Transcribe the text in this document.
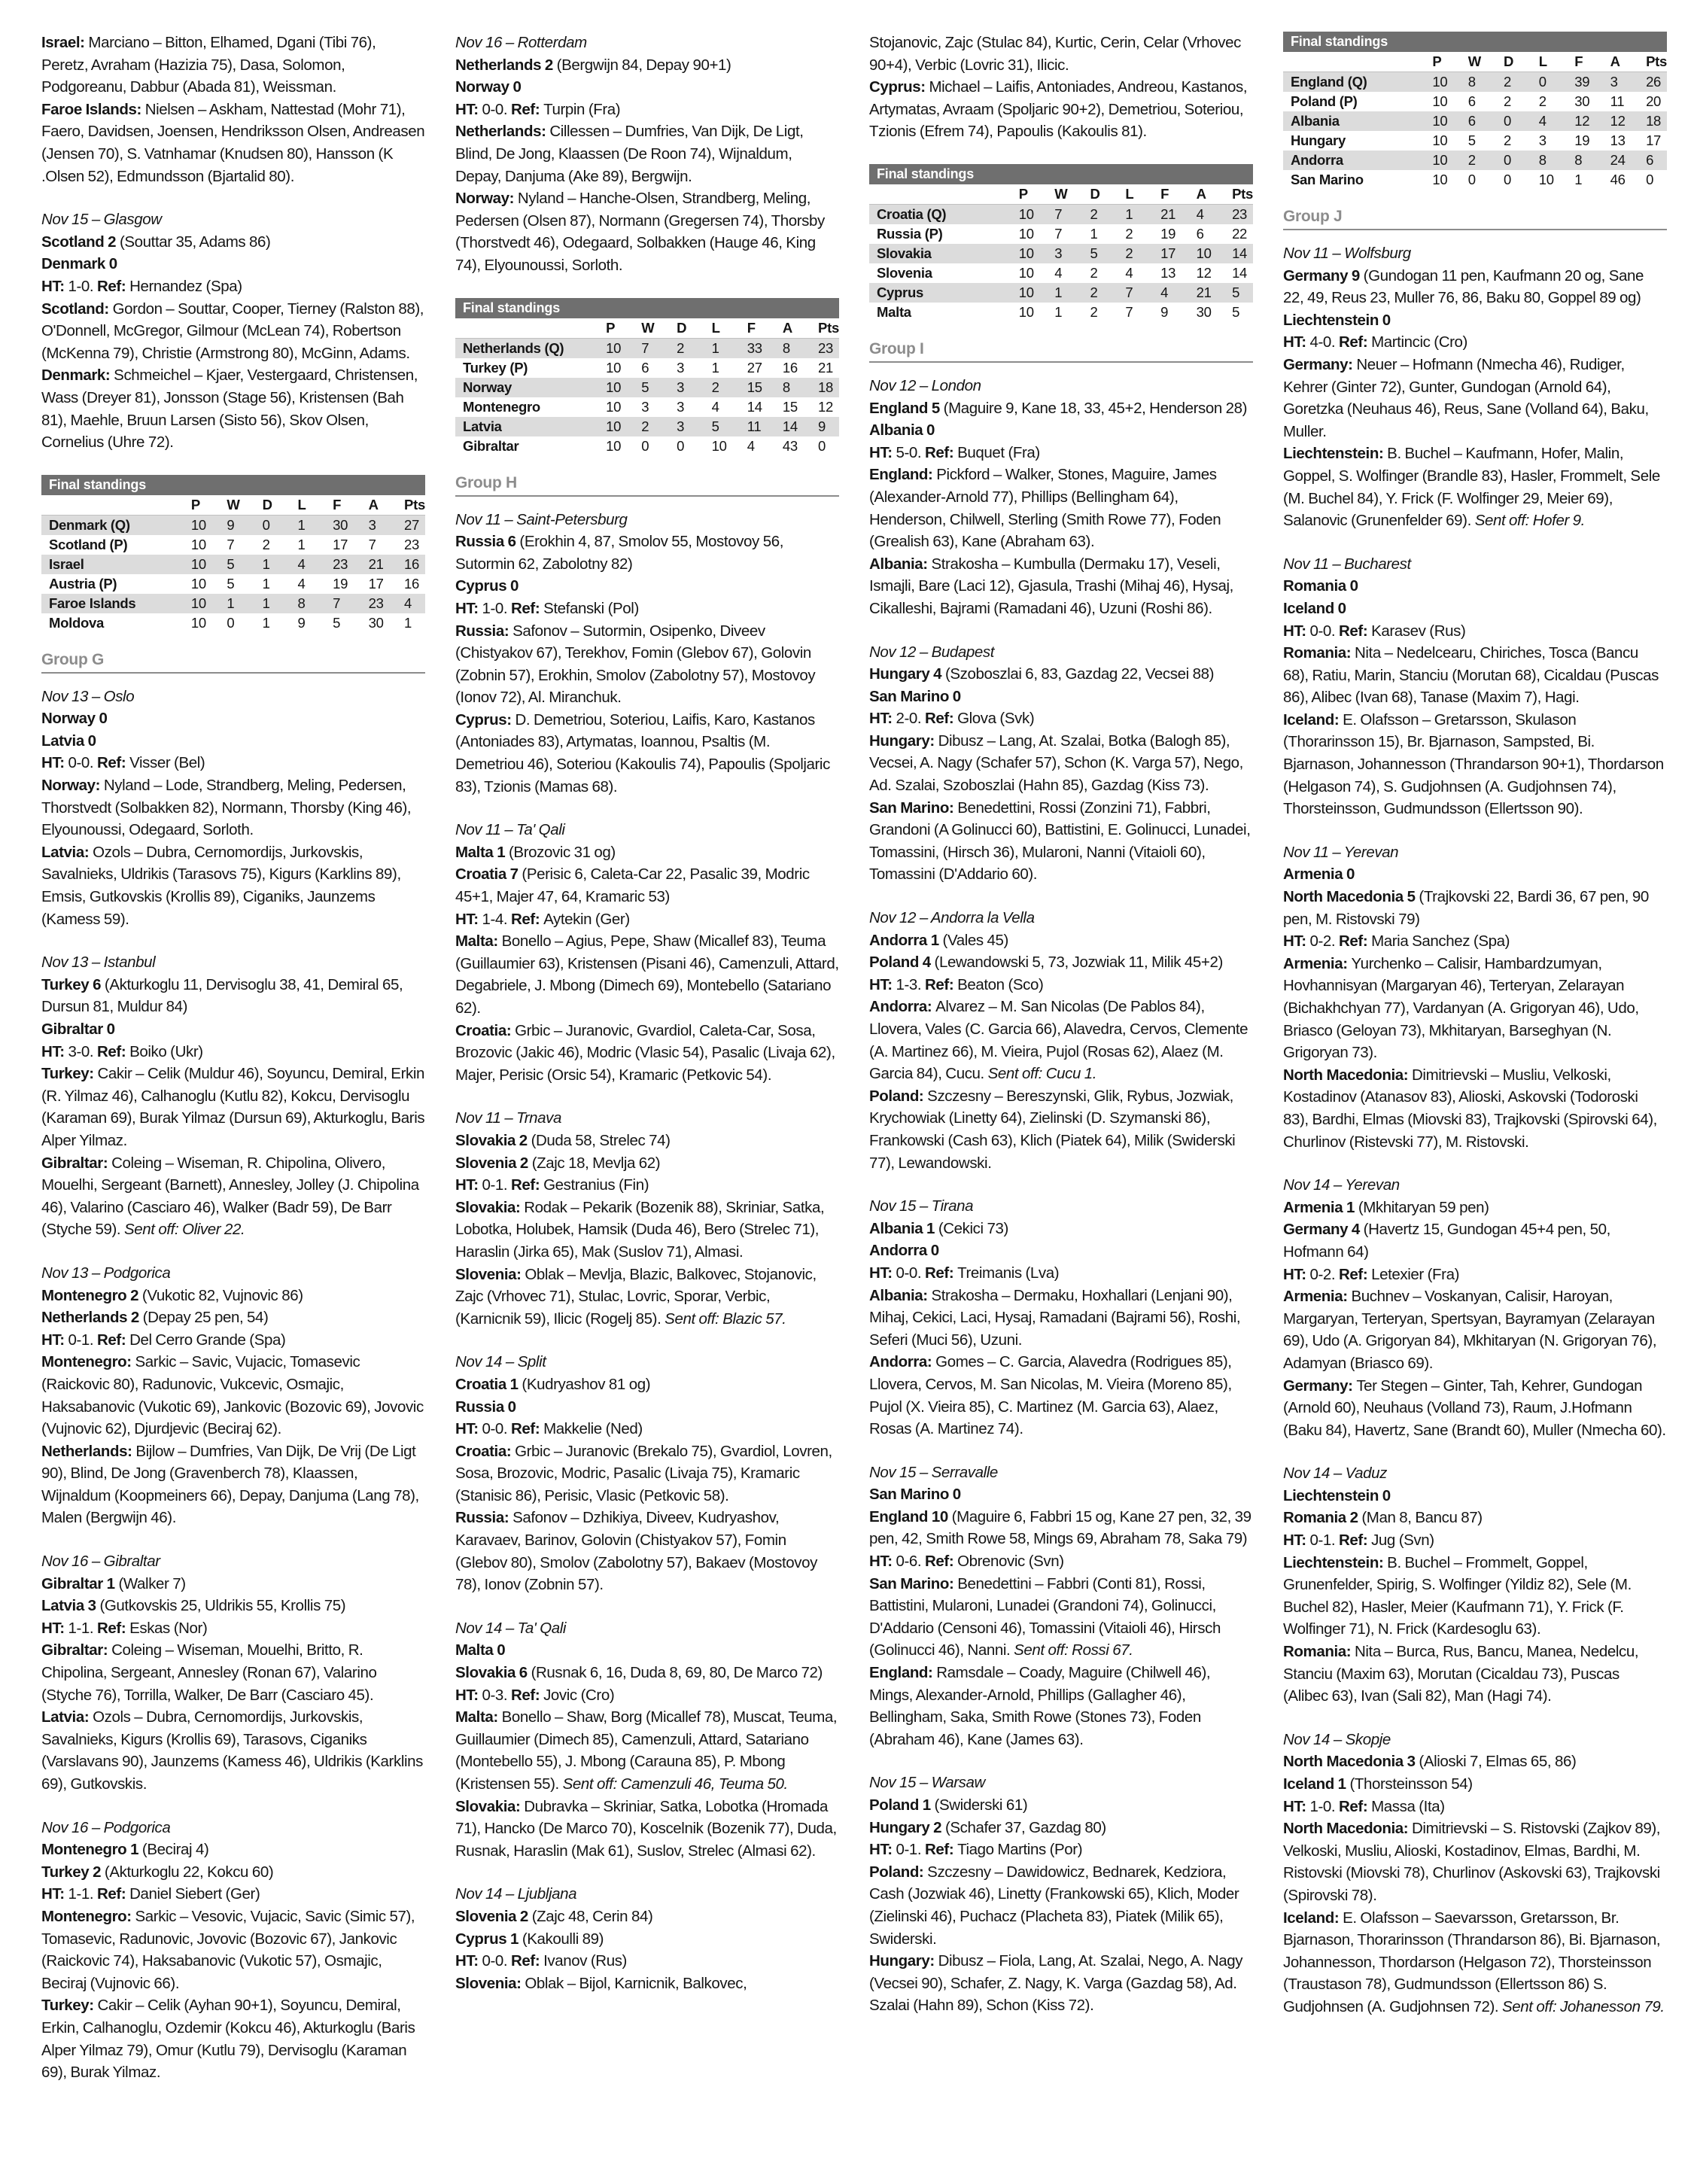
Israel: Marciano – Bitton, Elhamed, Dgani (Tibi 76), Peretz, Avraham (Hazizia 75), Dasa, Solomon, Podgoreanu, Dabbur (Abada 81), Weissman.

Faroe Islands: Nielsen – Askham, Nattestad (Mohr 71), Faero, Davidsen, Joensen, Hendriksson Olsen, Andreasen (Jensen 70), S. Vatnhamar (Knudsen 80), Hansson (K .Olsen 52), Edmundsson (Bjartalid 80).

Nov 15 – Glasgow

Scotland 2 (Souttar 35, Adams 86)

Denmark 0

HT: 1-0. Ref: Hernandez (Spa)

Scotland: Gordon – Souttar, Cooper, Tierney (Ralston 88), O'Donnell, McGregor, Gilmour (McLean 74), Robertson (McKenna 79), Christie (Armstrong 80), McGinn, Adams.

Denmark: Schmeichel – Kjaer, Vestergaard, Christensen, Wass (Dreyer 81), Jonsson (Stage 56), Kristensen (Bah 81), Maehle, Bruun Larsen (Sisto 56), Skov Olsen, Cornelius (Uhre 72).

Final standings
	P	W	D	L	F	A	Pts
Denmark (Q)	10	9	0	1	30	3	27
Scotland (P)	10	7	2	1	17	7	23
Israel	10	5	1	4	23	21	16
Austria (P)	10	5	1	4	19	17	16
Faroe Islands	10	1	1	8	7	23	4
Moldova	10	0	1	9	5	30	1
Group G

Nov 13 – Oslo

Norway 0

Latvia 0

HT: 0-0. Ref: Visser (Bel)

Norway: Nyland – Lode, Strandberg, Meling, Pedersen, Thorstvedt (Solbakken 82), Normann, Thorsby (King 46), Elyounoussi, Odegaard, Sorloth.

Latvia: Ozols – Dubra, Cernomordijs, Jurkovskis, Savalnieks, Uldrikis (Tarasovs 75), Kigurs (Karklins 89), Emsis, Gutkovskis (Krollis 89), Ciganiks, Jaunzems (Kamess 59).

Nov 13 – Istanbul

Turkey 6 (Akturkoglu 11, Dervisoglu 38, 41, Demiral 65, Dursun 81, Muldur 84)

Gibraltar 0

HT: 3-0. Ref: Boiko (Ukr)

Turkey: Cakir – Celik (Muldur 46), Soyuncu, Demiral, Erkin (R. Yilmaz 46), Calhanoglu (Kutlu 82), Kokcu, Dervisoglu (Karaman 69), Burak Yilmaz (Dursun 69), Akturkoglu, Baris Alper Yilmaz.

Gibraltar: Coleing – Wiseman, R. Chipolina, Olivero, Mouelhi, Sergeant (Barnett), Annesley, Jolley (J. Chipolina 46), Valarino (Casciaro 46), Walker (Badr 59), De Barr (Styche 59). Sent off: Oliver 22.

Nov 13 – Podgorica

Montenegro 2 (Vukotic 82, Vujnovic 86)

Netherlands 2 (Depay 25 pen, 54)

HT: 0-1. Ref: Del Cerro Grande (Spa)

Montenegro: Sarkic – Savic, Vujacic, Tomasevic (Raickovic 80), Radunovic, Vukcevic, Osmajic, Haksabanovic (Vukotic 69), Jankovic (Bozovic 69), Jovovic (Vujnovic 62), Djurdjevic (Beciraj 62).

Netherlands: Bijlow – Dumfries, Van Dijk, De Vrij (De Ligt 90), Blind, De Jong (Gravenberch 78), Klaassen, Wijnaldum (Koopmeiners 66), Depay, Danjuma (Lang 78), Malen (Bergwijn 46).

Nov 16 – Gibraltar

Gibraltar 1 (Walker 7)

Latvia 3 (Gutkovskis 25, Uldrikis 55, Krollis 75)

HT: 1-1. Ref: Eskas (Nor)

Gibraltar: Coleing – Wiseman, Mouelhi, Britto, R. Chipolina, Sergeant, Annesley (Ronan 67), Valarino (Styche 76), Torrilla, Walker, De Barr (Casciaro 45).

Latvia: Ozols – Dubra, Cernomordijs, Jurkovskis, Savalnieks, Kigurs (Krollis 69), Tarasovs, Ciganiks (Varslavans 90), Jaunzems (Kamess 46), Uldrikis (Karklins 69), Gutkovskis.

Nov 16 – Podgorica

Montenegro 1 (Beciraj 4)

Turkey 2 (Akturkoglu 22, Kokcu 60)

HT: 1-1. Ref: Daniel Siebert (Ger)

Montenegro: Sarkic – Vesovic, Vujacic, Savic (Simic 57), Tomasevic, Radunovic, Jovovic (Bozovic 67), Jankovic (Raickovic 74), Haksabanovic (Vukotic 57), Osmajic, Beciraj (Vujnovic 66).

Turkey: Cakir – Celik (Ayhan 90+1), Soyuncu, Demiral, Erkin, Calhanoglu, Ozdemir (Kokcu 46), Akturkoglu (Baris Alper Yilmaz 79), Omur (Kutlu 79), Dervisoglu (Karaman 69), Burak Yilmaz.

Nov 16 – Rotterdam

Netherlands 2 (Bergwijn 84, Depay 90+1)

Norway 0

HT: 0-0. Ref: Turpin (Fra)

Netherlands: Cillessen – Dumfries, Van Dijk, De Ligt, Blind, De Jong, Klaassen (De Roon 74), Wijnaldum, Depay, Danjuma (Ake 89), Bergwijn.

Norway: Nyland – Hanche-Olsen, Strandberg, Meling, Pedersen (Olsen 87), Normann (Gregersen 74), Thorsby (Thorstvedt 46), Odegaard, Solbakken (Hauge 46, King 74), Elyounoussi, Sorloth.

Final standings
	P	W	D	L	F	A	Pts
Netherlands (Q)	10	7	2	1	33	8	23
Turkey (P)	10	6	3	1	27	16	21
Norway	10	5	3	2	15	8	18
Montenegro	10	3	3	4	14	15	12
Latvia	10	2	3	5	11	14	9
Gibraltar	10	0	0	10	4	43	0
Group H

Nov 11 – Saint-Petersburg

Russia 6 (Erokhin 4, 87, Smolov 55, Mostovoy 56, Sutormin 62, Zabolotny 82)

Cyprus 0

HT: 1-0. Ref: Stefanski (Pol)

Russia: Safonov – Sutormin, Osipenko, Diveev (Chistyakov 67), Terekhov, Fomin (Glebov 67), Golovin (Zobnin 57), Erokhin, Smolov (Zabolotny 57), Mostovoy (Ionov 72), Al. Miranchuk.

Cyprus: D. Demetriou, Soteriou, Laifis, Karo, Kastanos (Antoniades 83), Artymatas, Ioannou, Psaltis (M. Demetriou 46), Soteriou (Kakoulis 74), Papoulis (Spoljaric 83), Tzionis (Mamas 68).

Nov 11 – Ta' Qali

Malta 1 (Brozovic 31 og)

Croatia 7 (Perisic 6, Caleta-Car 22, Pasalic 39, Modric 45+1, Majer 47, 64, Kramaric 53)

HT: 1-4. Ref: Aytekin (Ger)

Malta: Bonello – Agius, Pepe, Shaw (Micallef 83), Teuma (Guillaumier 63), Kristensen (Pisani 46), Camenzuli, Attard, Degabriele, J. Mbong (Dimech 69), Montebello (Satariano 62).

Croatia: Grbic – Juranovic, Gvardiol, Caleta-Car, Sosa, Brozovic (Jakic 46), Modric (Vlasic 54), Pasalic (Livaja 62), Majer, Perisic (Orsic 54), Kramaric (Petkovic 54).

Nov 11 – Trnava

Slovakia 2 (Duda 58, Strelec 74)

Slovenia 2 (Zajc 18, Mevlja 62)

HT: 0-1. Ref: Gestranius (Fin)

Slovakia: Rodak – Pekarik (Bozenik 88), Skriniar, Satka, Lobotka, Holubek, Hamsik (Duda 46), Bero (Strelec 71), Haraslin (Jirka 65), Mak (Suslov 71), Almasi.

Slovenia: Oblak – Mevlja, Blazic, Balkovec, Stojanovic, Zajc (Vrhovec 71), Stulac, Lovric, Sporar, Verbic, (Karnicnik 59), Ilicic (Rogelj 85). Sent off: Blazic 57.

Nov 14 – Split

Croatia 1 (Kudryashov 81 og)

Russia 0

HT: 0-0. Ref: Makkelie (Ned)

Croatia: Grbic – Juranovic (Brekalo 75), Gvardiol, Lovren, Sosa, Brozovic, Modric, Pasalic (Livaja 75), Kramaric (Stanisic 86), Perisic, Vlasic (Petkovic 58).

Russia: Safonov – Dzhikiya, Diveev, Kudryashov, Karavaev, Barinov, Golovin (Chistyakov 57), Fomin (Glebov 80), Smolov (Zabolotny 57), Bakaev (Mostovoy 78), Ionov (Zobnin 57).

Nov 14 – Ta' Qali

Malta 0

Slovakia 6 (Rusnak 6, 16, Duda 8, 69, 80, De Marco 72)

HT: 0-3. Ref: Jovic (Cro)

Malta: Bonello – Shaw, Borg (Micallef 78), Muscat, Teuma, Guillaumier (Dimech 85), Camenzuli, Attard, Satariano (Montebello 55), J. Mbong (Carauna 85), P. Mbong (Kristensen 55). Sent off: Camenzuli 46, Teuma 50.

Slovakia: Dubravka – Skriniar, Satka, Lobotka (Hromada 71), Hancko (De Marco 70), Koscelnik (Bozenik 77), Duda, Rusnak, Haraslin (Mak 61), Suslov, Strelec (Almasi 62).

Nov 14 – Ljubljana

Slovenia 2 (Zajc 48, Cerin 84)

Cyprus 1 (Kakoulli 89)

HT: 0-0. Ref: Ivanov (Rus)

Slovenia: Oblak – Bijol, Karnicnik, Balkovec,

Stojanovic, Zajc (Stulac 84), Kurtic, Cerin, Celar (Vrhovec 90+4), Verbic (Lovric 31), Ilicic.

Cyprus: Michael – Laifis, Antoniades, Andreou, Kastanos, Artymatas, Avraam (Spoljaric 90+2), Demetriou, Soteriou, Tzionis (Efrem 74), Papoulis (Kakoulis 81).

Final standings
	P	W	D	L	F	A	Pts
Croatia (Q)	10	7	2	1	21	4	23
Russia (P)	10	7	1	2	19	6	22
Slovakia	10	3	5	2	17	10	14
Slovenia	10	4	2	4	13	12	14
Cyprus	10	1	2	7	4	21	5
Malta	10	1	2	7	9	30	5
Group I

Nov 12 – London

England 5 (Maguire 9, Kane 18, 33, 45+2, Henderson 28)

Albania 0

HT: 5-0. Ref: Buquet (Fra)

England: Pickford – Walker, Stones, Maguire, James (Alexander-Arnold 77), Phillips (Bellingham 64), Henderson, Chilwell, Sterling (Smith Rowe 77), Foden (Grealish 63), Kane (Abraham 63).

Albania: Strakosha – Kumbulla (Dermaku 17), Veseli, Ismajli, Bare (Laci 12), Gjasula, Trashi (Mihaj 46), Hysaj, Cikalleshi, Bajrami (Ramadani 46), Uzuni (Roshi 86).

Nov 12 – Budapest

Hungary 4 (Szoboszlai 6, 83, Gazdag 22, Vecsei 88)

San Marino 0

HT: 2-0. Ref: Glova (Svk)

Hungary: Dibusz – Lang, At. Szalai, Botka (Balogh 85), Vecsei, A. Nagy (Schafer 57), Schon (K. Varga 57), Nego, Ad. Szalai, Szoboszlai (Hahn 85), Gazdag (Kiss 73).

San Marino: Benedettini, Rossi (Zonzini 71), Fabbri, Grandoni (A Golinucci 60), Battistini, E. Golinucci, Lunadei, Tomassini, (Hirsch 36), Mularoni, Nanni (Vitaioli 60), Tomassini (D'Addario 60).

Nov 12 – Andorra la Vella

Andorra 1 (Vales 45)

Poland 4 (Lewandowski 5, 73, Jozwiak 11, Milik 45+2)

HT: 1-3. Ref: Beaton (Sco)

Andorra: Alvarez – M. San Nicolas (De Pablos 84), Llovera, Vales (C. Garcia 66), Alavedra, Cervos, Clemente (A. Martinez 66), M. Vieira, Pujol (Rosas 62), Alaez (M. Garcia 84), Cucu. Sent off: Cucu 1.

Poland: Szczesny – Bereszynski, Glik, Rybus, Jozwiak, Krychowiak (Linetty 64), Zielinski (D. Szymanski 86), Frankowski (Cash 63), Klich (Piatek 64), Milik (Swiderski 77), Lewandowski.

Nov 15 – Tirana

Albania 1 (Cekici 73)

Andorra 0

HT: 0-0. Ref: Treimanis (Lva)

Albania: Strakosha – Dermaku, Hoxhallari (Lenjani 90), Mihaj, Cekici, Laci, Hysaj, Ramadani (Bajrami 56), Roshi, Seferi (Muci 56), Uzuni.

Andorra: Gomes – C. Garcia, Alavedra (Rodrigues 85), Llovera, Cervos, M. San Nicolas, M. Vieira (Moreno 85), Pujol (X. Vieira 85), C. Martinez (M. Garcia 63), Alaez, Rosas (A. Martinez 74).

Nov 15 – Serravalle

San Marino 0

England 10 (Maguire 6, Fabbri 15 og, Kane 27 pen, 32, 39 pen, 42, Smith Rowe 58, Mings 69, Abraham 78, Saka 79)

HT: 0-6. Ref: Obrenovic (Svn)

San Marino: Benedettini – Fabbri (Conti 81), Rossi, Battistini, Mularoni, Lunadei (Grandoni 74), Golinucci, D'Addario (Censoni 46), Tomassini (Vitaioli 46), Hirsch (Golinucci 46), Nanni. Sent off: Rossi 67.

England: Ramsdale – Coady, Maguire (Chilwell 46), Mings, Alexander-Arnold, Phillips (Gallagher 46), Bellingham, Saka, Smith Rowe (Stones 73), Foden (Abraham 46), Kane (James 63).

Nov 15 – Warsaw

Poland 1 (Swiderski 61)

Hungary 2 (Schafer 37, Gazdag 80)

HT: 0-1. Ref: Tiago Martins (Por)

Poland: Szczesny – Dawidowicz, Bednarek, Kedziora, Cash (Jozwiak 46), Linetty (Frankowski 65), Klich, Moder (Zielinski 46), Puchacz (Placheta 83), Piatek (Milik 65), Swiderski.

Hungary: Dibusz – Fiola, Lang, At. Szalai, Nego, A. Nagy (Vecsei 90), Schafer, Z. Nagy, K. Varga (Gazdag 58), Ad. Szalai (Hahn 89), Schon (Kiss 72).

Final standings
	P	W	D	L	F	A	Pts
England (Q)	10	8	2	0	39	3	26
Poland (P)	10	6	2	2	30	11	20
Albania	10	6	0	4	12	12	18
Hungary	10	5	2	3	19	13	17
Andorra	10	2	0	8	8	24	6
San Marino	10	0	0	10	1	46	0
Group J

Nov 11 – Wolfsburg

Germany 9 (Gundogan 11 pen, Kaufmann 20 og, Sane 22, 49, Reus 23, Muller 76, 86, Baku 80, Goppel 89 og)

Liechtenstein 0

HT: 4-0. Ref: Martincic (Cro)

Germany: Neuer – Hofmann (Nmecha 46), Rudiger, Kehrer (Ginter 72), Gunter, Gundogan (Arnold 64), Goretzka (Neuhaus 46), Reus, Sane (Volland 64), Baku, Muller.

Liechtenstein: B. Buchel – Kaufmann, Hofer, Malin, Goppel, S. Wolfinger (Brandle 83), Hasler, Frommelt, Sele (M. Buchel 84), Y. Frick (F. Wolfinger 29, Meier 69), Salanovic (Grunenfelder 69). Sent off: Hofer 9.

Nov 11 – Bucharest

Romania 0

Iceland 0

HT: 0-0. Ref: Karasev (Rus)

Romania: Nita – Nedelcearu, Chiriches, Tosca (Bancu 68), Ratiu, Marin, Stanciu (Morutan 68), Cicaldau (Puscas 86), Alibec (Ivan 68), Tanase (Maxim 7), Hagi.

Iceland: E. Olafsson – Gretarsson, Skulason (Thorarinsson 15), Br. Bjarnason, Sampsted, Bi. Bjarnason, Johannesson (Thrandarson 90+1), Thordarson (Helgason 74), S. Gudjohnsen (A. Gudjohnsen 74), Thorsteinsson, Gudmundsson (Ellertsson 90).

Nov 11 – Yerevan

Armenia 0

North Macedonia 5 (Trajkovski 22, Bardi 36, 67 pen, 90 pen, M. Ristovski 79)

HT: 0-2. Ref: Maria Sanchez (Spa)

Armenia: Yurchenko – Calisir, Hambardzumyan, Hovhannisyan (Margaryan 46), Terteryan, Zelarayan (Bichakhchyan 77), Vardanyan (A. Grigoryan 46), Udo, Briasco (Geloyan 73), Mkhitaryan, Barseghyan (N. Grigoryan 73).

North Macedonia: Dimitrievski – Musliu, Velkoski, Kostadinov (Atanasov 83), Alioski, Askovski (Todoroski 83), Bardhi, Elmas (Miovski 83), Trajkovski (Spirovski 64), Churlinov (Ristevski 77), M. Ristovski.

Nov 14 – Yerevan

Armenia 1 (Mkhitaryan 59 pen)

Germany 4 (Havertz 15, Gundogan 45+4 pen, 50, Hofmann 64)

HT: 0-2. Ref: Letexier (Fra)

Armenia: Buchnev – Voskanyan, Calisir, Haroyan, Margaryan, Terteryan, Spertsyan, Bayramyan (Zelarayan 69), Udo (A. Grigoryan 84), Mkhitaryan (N. Grigoryan 76), Adamyan (Briasco 69).

Germany: Ter Stegen – Ginter, Tah, Kehrer, Gundogan (Arnold 60), Neuhaus (Volland 73), Raum, J.Hofmann (Baku 84), Havertz, Sane (Brandt 60), Muller (Nmecha 60).

Nov 14 – Vaduz

Liechtenstein 0

Romania 2 (Man 8, Bancu 87)

HT: 0-1. Ref: Jug (Svn)

Liechtenstein: B. Buchel – Frommelt, Goppel, Grunenfelder, Spirig, S. Wolfinger (Yildiz 82), Sele (M. Buchel 82), Hasler, Meier (Kaufmann 71), Y. Frick (F. Wolfinger 71), N. Frick (Kardesoglu 63).

Romania: Nita – Burca, Rus, Bancu, Manea, Nedelcu, Stanciu (Maxim 63), Morutan (Cicaldau 73), Puscas (Alibec 63), Ivan (Sali 82), Man (Hagi 74).

Nov 14 – Skopje

North Macedonia 3 (Alioski 7, Elmas 65, 86)

Iceland 1 (Thorsteinsson 54)

HT: 1-0. Ref: Massa (Ita)

North Macedonia: Dimitrievski – S. Ristovski (Zajkov 89), Velkoski, Musliu, Alioski, Kostadinov, Elmas, Bardhi, M. Ristovski (Miovski 78), Churlinov (Askovski 63), Trajkovski (Spirovski 78).

Iceland: E. Olafsson – Saevarsson, Gretarsson, Br. Bjarnason, Thorarinsson (Thrandarson 86), Bi. Bjarnason, Johannesson, Thordarson (Helgason 72), Thorsteinsson (Traustason 78), Gudmundsson (Ellertsson 86) S. Gudjohnsen (A. Gudjohnsen 72). Sent off: Johanesson 79.
